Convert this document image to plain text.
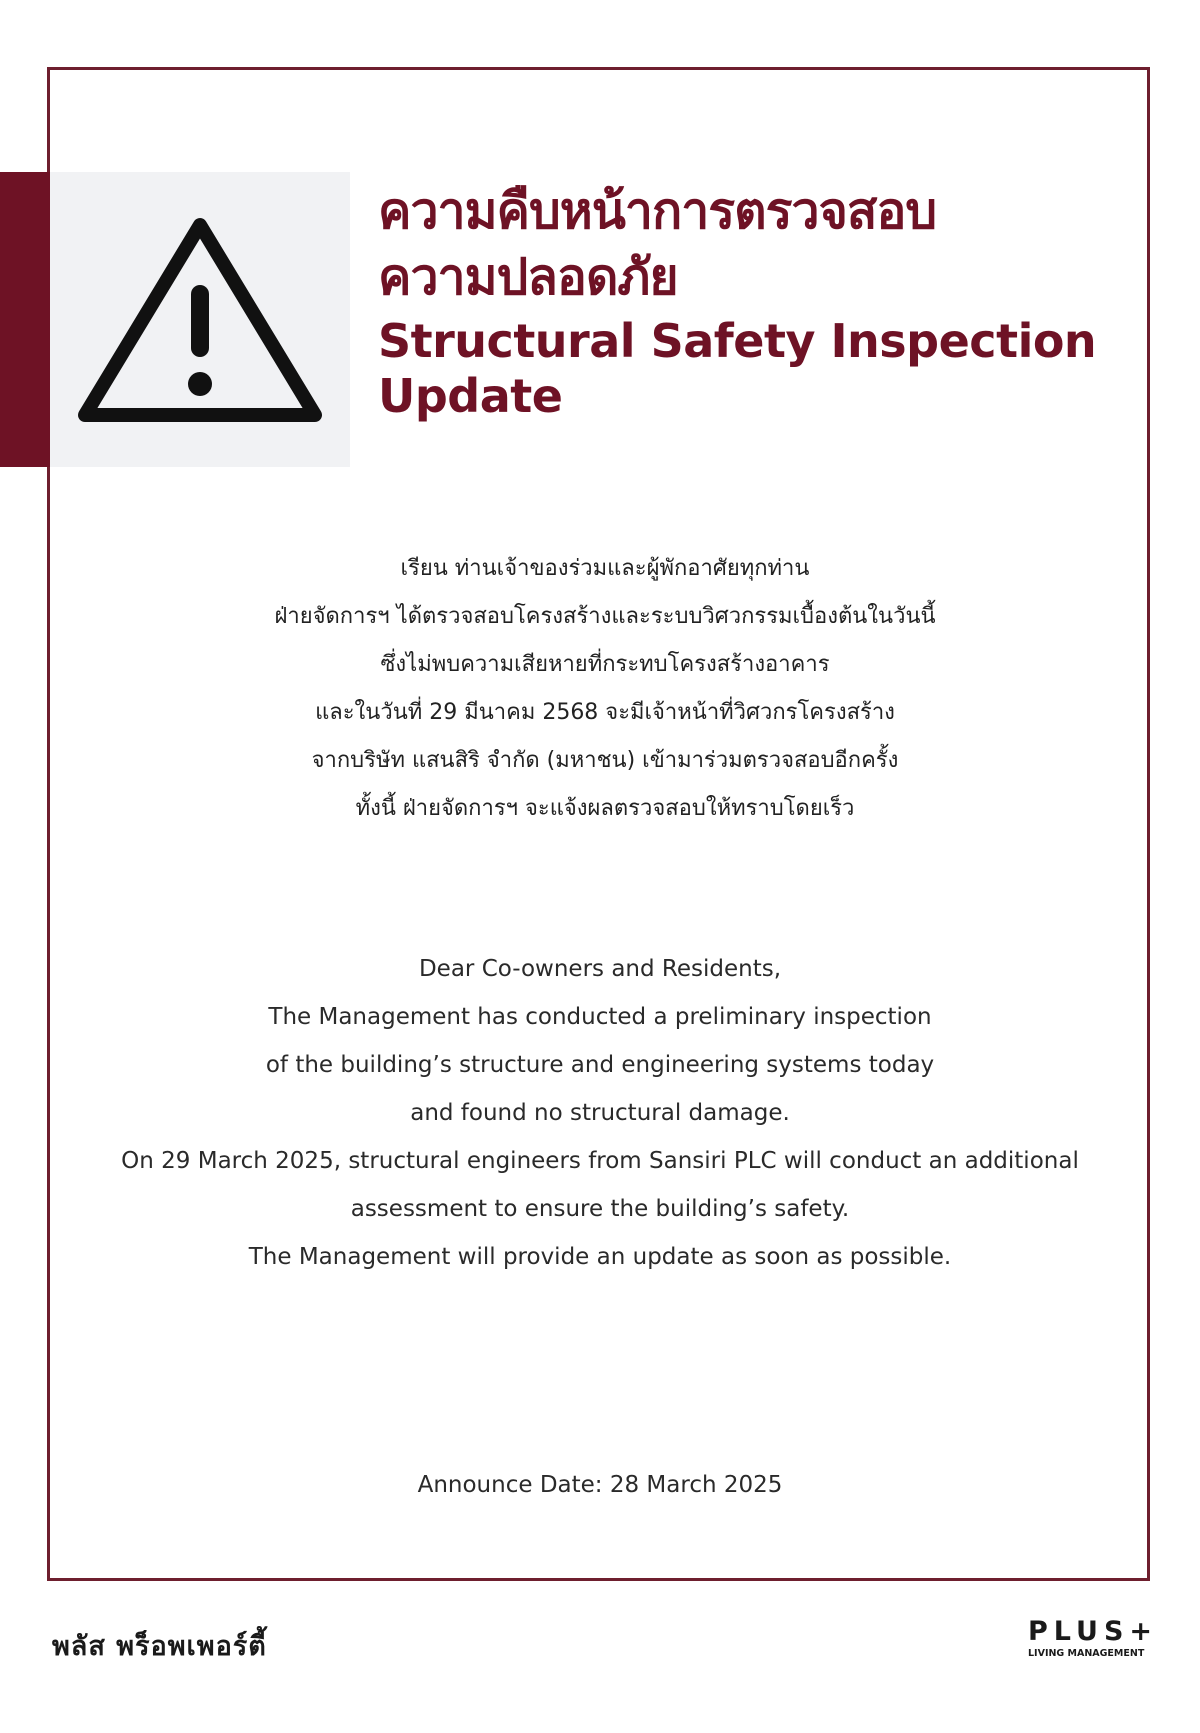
ความคืบหน้าการตรวจสอบ
ความปลอดภัย
Structural Safety Inspection
Update
เรียน ท่านเจ้าของร่วมและผู้พักอาศัยทุกท่าน
ฝ่ายจัดการฯ ได้ตรวจสอบโครงสร้างและระบบวิศวกรรมเบื้องต้นในวันนี้
ซึ่งไม่พบความเสียหายที่กระทบโครงสร้างอาคาร
และในวันที่ 29 มีนาคม 2568 จะมีเจ้าหน้าที่วิศวกรโครงสร้าง
จากบริษัท แสนสิริ จำกัด (มหาชน) เข้ามาร่วมตรวจสอบอีกครั้ง
ทั้งนี้ ฝ่ายจัดการฯ จะแจ้งผลตรวจสอบให้ทราบโดยเร็ว
Dear Co-owners and Residents,
The Management has conducted a preliminary inspection
of the building’s structure and engineering systems today
and found no structural damage.
On 29 March 2025, structural engineers from Sansiri PLC will conduct an additional
assessment to ensure the building’s safety.
The Management will provide an update as soon as possible.
Announce Date: 28 March 2025
พลัส พร็อพเพอร์ตี้	PLUS+
LIVING MANAGEMENT
